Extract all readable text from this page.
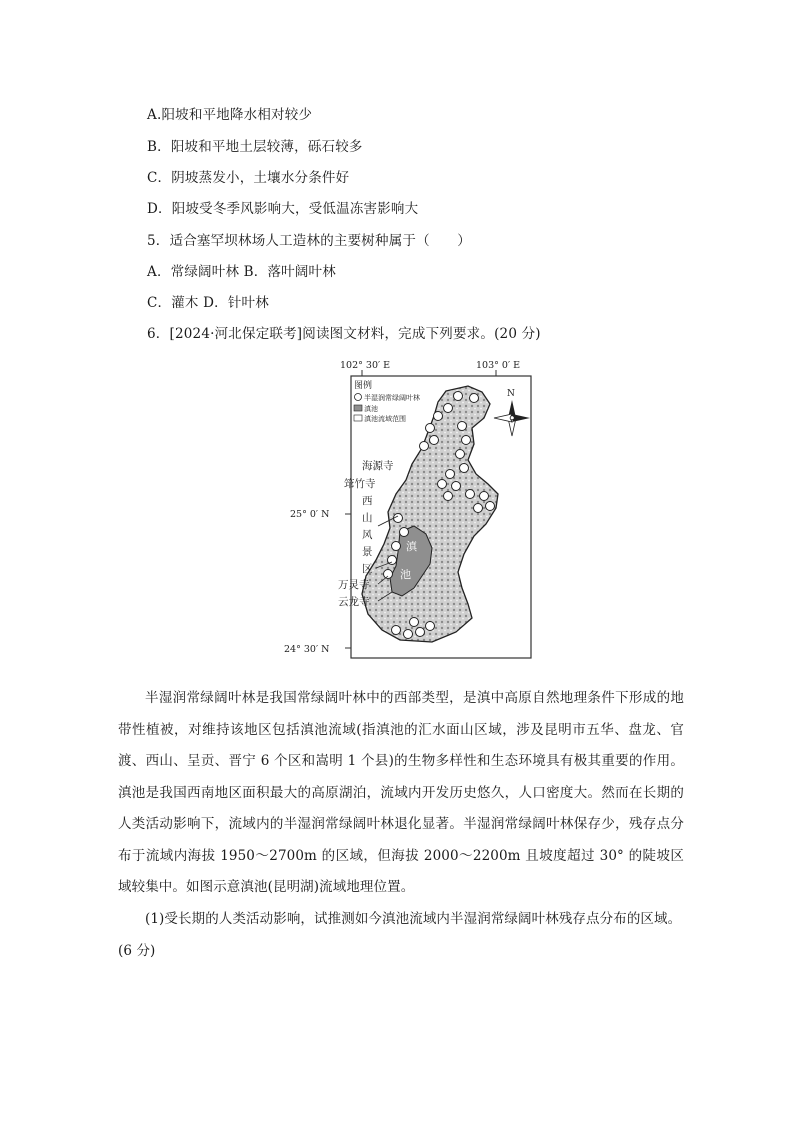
A.阳坡和平地降水相对较少
B．阳坡和平地土层较薄，砾石较多
C．阴坡蒸发小，土壤水分条件好
D．阳坡受冬季风影响大，受低温冻害影响大
5．适合塞罕坝林场人工造林的主要树种属于（　　）
A．常绿阔叶林 B．落叶阔叶林
C．灌木 D．针叶林
6．[2024·河北保定联考]阅读图文材料，完成下列要求。(20 分)
102° 30′ E	103° 0′ E
25° 0′ N
24° 30′ N
滇
池
图例
半湿润常绿阔叶林
滇池
滇池流域范围
N
海源寺
筇竹寺
西
山
风
景
区
万灵寺
云龙寺
半湿润常绿阔叶林是我国常绿阔叶林中的西部类型，是滇中高原自然地理条件下形成的地带性植被，对维持该地区包括滇池流域(指滇池的汇水面山区域，涉及昆明市五华、盘龙、官渡、西山、呈贡、晋宁 6 个区和嵩明 1 个县)的生物多样性和生态环境具有极其重要的作用。滇池是我国西南地区面积最大的高原湖泊，流域内开发历史悠久，人口密度大。然而在长期的人类活动影响下，流域内的半湿润常绿阔叶林退化显著。半湿润常绿阔叶林保存少，残存点分布于流域内海拔 1950～2700m 的区域，但海拔 2000～2200m 且坡度超过 30° 的陡坡区域较集中。如图示意滇池(昆明湖)流域地理位置。
(1)受长期的人类活动影响，试推测如今滇池流域内半湿润常绿阔叶林残存点分布的区域。(6 分)
